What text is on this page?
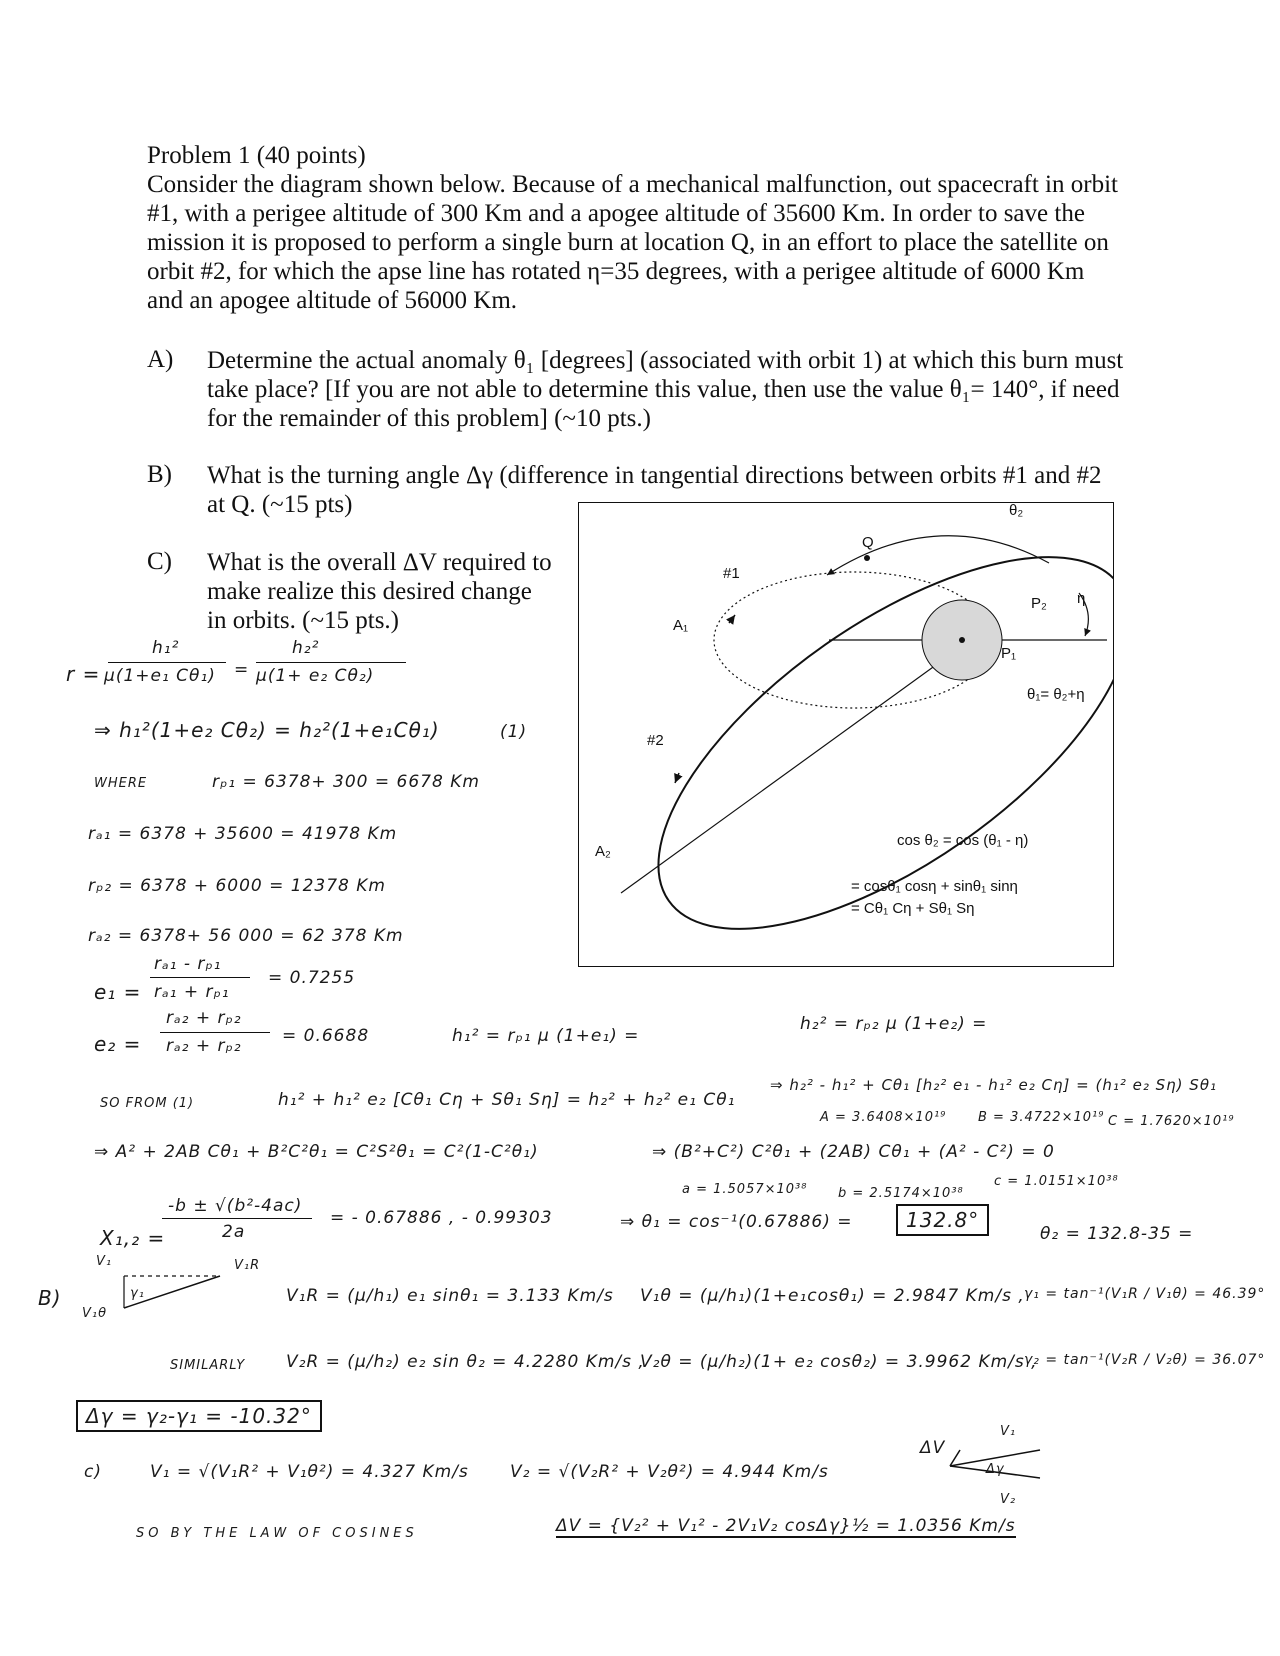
Problem 1 (40 points)
Consider the diagram shown below. Because of a mechanical malfunction, out spacecraft in orbit
#1, with a perigee altitude of 300 Km and a apogee altitude of 35600 Km. In order to save the
mission it is proposed to perform a single burn at location Q, in an effort to place the satellite on
orbit #2, for which the apse line has rotated η=35 degrees, with a perigee altitude of 6000 Km
and an apogee altitude of 56000 Km.
A) Determine the actual anomaly θ₁ [degrees] (associated with orbit 1) at which this burn must
take place? [If you are not able to determine this value, then use the value θ₁= 140°, if need
for the remainder of this problem] (~10 pts.)
B) What is the turning angle Δγ (difference in tangential directions between orbits #1 and #2
at Q. (~15 pts)
C) What is the overall ΔV required to
make realize this desired change
in orbits. (~15 pts.)
θ₂
Q
#1
#2
A₁
A₂
P₁
P₂ η
θ₁= θ₂+η
cos θ₂ = cos (θ₁ - η)
= cosθ₁ cosη + sinθ₁ sinη
= Cθ₁ Cη + Sθ₁ Sη
r =
h₁²
μ(1+e₁ Cθ₁) =
h₂²
μ(1+ e₂ Cθ₂)
⇒ h₁²(1+e₂ Cθ₂) = h₂²(1+e₁Cθ₁)	(1)
WHERE	rₚ₁ = 6378+ 300 = 6678 Km
rₐ₁ = 6378 + 35600 = 41978 Km
rₚ₂ = 6378 + 6000 = 12378 Km
rₐ₂ = 6378+ 56 000 = 62 378 Km
e₁ =
rₐ₁ - rₚ₁
rₐ₁ + rₚ₁
= 0.7255
e₂ =
rₐ₂ + rₚ₂
rₐ₂ + rₚ₂ = 0.6688	h₁² = rₚ₁ μ (1+e₁) =
h₂² = rₚ₂ μ (1+e₂) =
SO FROM (1)	h₁² + h₁² e₂ [Cθ₁ Cη + Sθ₁ Sη] = h₂² + h₂² e₁ Cθ₁
⇒ h₂² - h₁² + Cθ₁ [h₂² e₁ - h₁² e₂ Cη] = (h₁² e₂ Sη) Sθ₁
A = 3.6408×10¹⁹ B = 3.4722×10¹⁹ C = 1.7620×10¹⁹
⇒ A² + 2AB Cθ₁ + B²C²θ₁ = C²S²θ₁ = C²(1-C²θ₁)	⇒ (B²+C²) C²θ₁ + (2AB) Cθ₁ + (A² - C²) = 0
a = 1.5057×10³⁸ b = 2.5174×10³⁸
c = 1.0151×10³⁸
X₁,₂ =
-b ± √(b²-4ac)
2a
= - 0.67886 , - 0.99303	⇒ θ₁ = cos⁻¹(0.67886) =	132.8°
θ₂ = 132.8-35 =
B)
V₁	V₁R
V₁θ
γ₁	V₁R = (μ/h₁) e₁ sinθ₁ = 3.133 Km/s V₁θ = (μ/h₁)(1+e₁cosθ₁) = 2.9847 Km/s , γ₁ = tan⁻¹(V₁R / V₁θ) = 46.39°
SIMILARLY V₂R = (μ/h₂) e₂ sin θ₂ = 4.2280 Km/s ,
V₂θ = (μ/h₂)(1+ e₂ cosθ₂) = 3.9962 Km/s ,
γ₂ = tan⁻¹(V₂R / V₂θ) = 36.07°
Δγ = γ₂-γ₁ = -10.32°
c)	V₁ = √(V₁R² + V₁θ²) = 4.327 Km/s V₂ = √(V₂R² + V₂θ²) = 4.944 Km/s
ΔV
V₁
Δγ
V₂
SO BY THE LAW OF COSINES	ΔV = {V₂² + V₁² - 2V₁V₂ cosΔγ}½ = 1.0356 Km/s
